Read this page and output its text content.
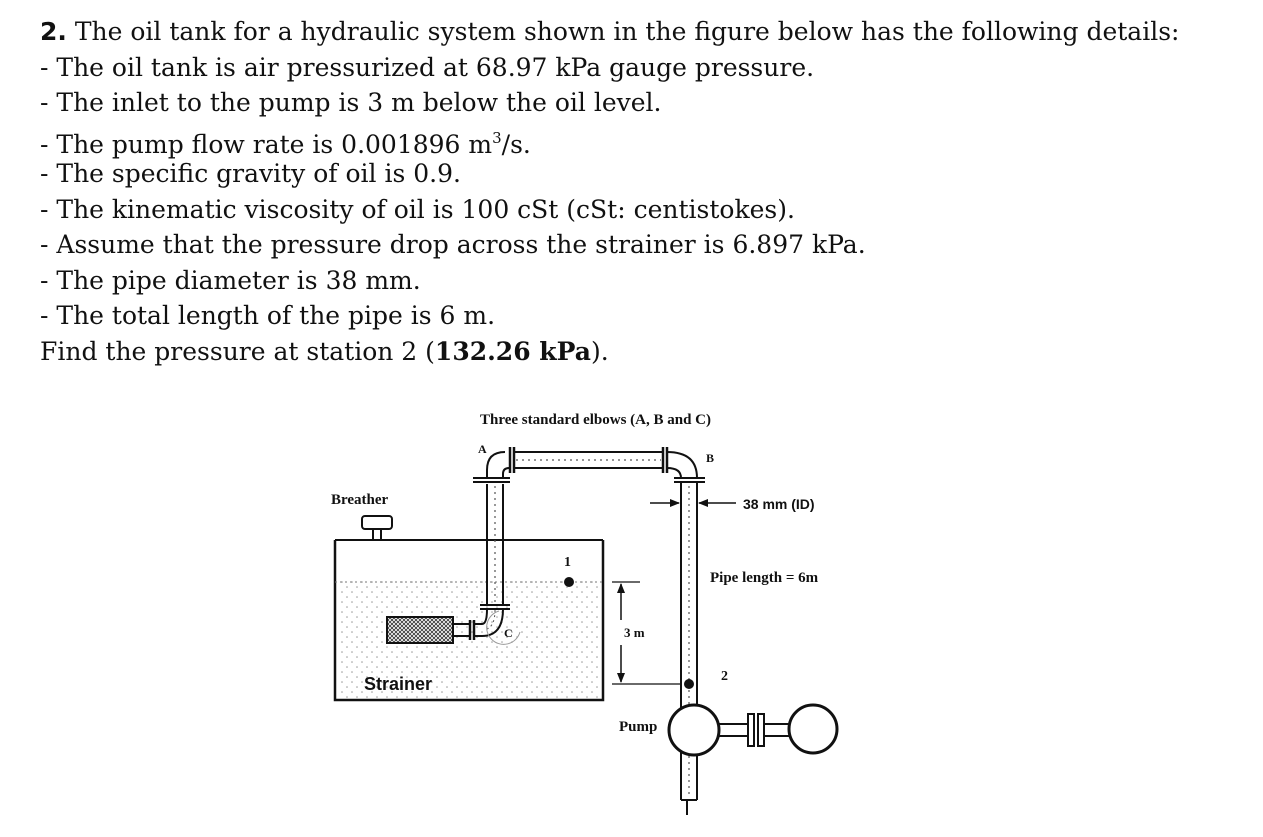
2. The oil tank for a hydraulic system shown in the figure below has the following details:
- The oil tank is air pressurized at 68.97 kPa gauge pressure.
- The inlet to the pump is 3 m below the oil level.
- The pump flow rate is 0.001896 $m^3/s$.
- The specific gravity of oil is 0.9.
- The kinematic viscosity of oil is 100 cSt (cSt: centistokes).
- Assume that the pressure drop across the strainer is 6.897 kPa.
- The pipe diameter is 38 mm.
- The total length of the pipe is 6 m.
Find the pressure at station 2 (132.26 kPa).
Three standard elbows (A, B and C)
A
B
C
Breather	38 mm (ID)
Pipe length = 6m
1
2
3 m
Strainer
Pump
